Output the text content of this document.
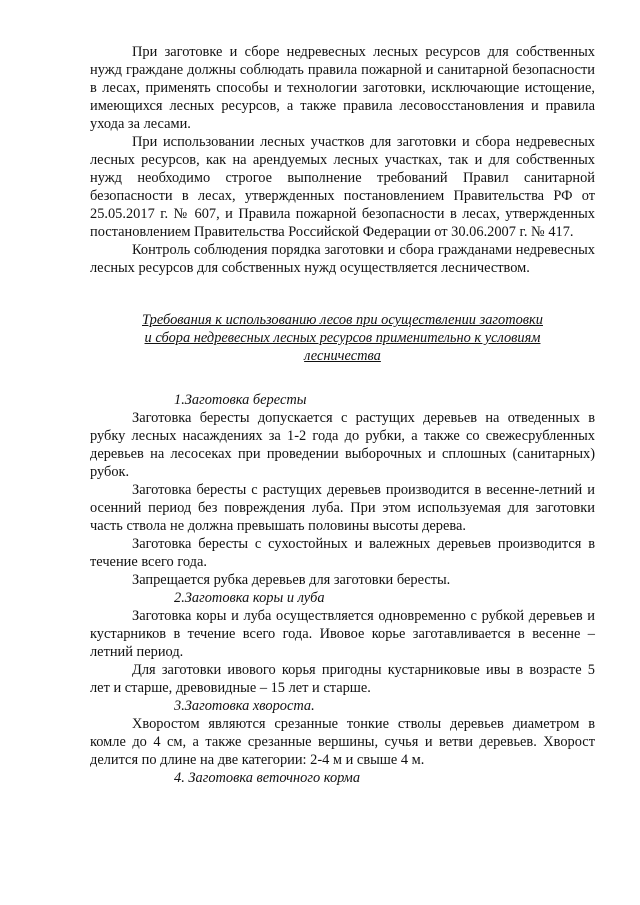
При заготовке и сборе недревесных лесных ресурсов для собственных нужд граждане должны соблюдать правила пожарной и санитарной безопасности в лесах, применять способы и технологии заготовки, исключающие истощение, имеющихся лесных ресурсов, а также правила лесовосстановления и правила ухода за лесами.

При использовании лесных участков для заготовки и сбора недревесных лесных ресурсов, как на арендуемых лесных участках, так и для собственных нужд необходимо строгое выполнение требований Правил санитарной безопасности в лесах, утвержденных постановлением Правительства РФ от 25.05.2017 г. № 607, и Правила пожарной безопасности в лесах, утвержденных постановлением Правительства Российской Федерации от 30.06.2007 г. № 417.

Контроль соблюдения порядка заготовки и сбора гражданами недревесных лесных ресурсов для собственных нужд осуществляется лесничеством.

Требования к использованию лесов при осуществлении заготовки
и сбора недревесных лесных ресурсов применительно к условиям
лесничества

1.Заготовка бересты

Заготовка бересты допускается с растущих деревьев на отведенных в рубку лесных насаждениях за 1-2 года до рубки, а также со свежесрубленных деревьев на лесосеках при проведении выборочных и сплошных (санитарных) рубок.

Заготовка бересты с растущих деревьев производится в весенне-летний и осенний период без повреждения луба. При этом используемая для заготовки часть ствола не должна превышать половины высоты дерева.

Заготовка бересты с сухостойных и валежных деревьев производится в течение всего года.

Запрещается рубка деревьев для заготовки бересты.

2.Заготовка коры и луба

Заготовка коры и луба осуществляется одновременно с рубкой деревьев и кустарников в течение всего года. Ивовое корье заготавливается в весенне – летний период.

Для заготовки ивового корья пригодны кустарниковые ивы в возрасте 5 лет и старше, древовидные – 15 лет и старше.

3.Заготовка хвороста.

Хворостом являются срезанные тонкие стволы деревьев диаметром в комле до 4 см, а также срезанные вершины, сучья и ветви деревьев. Хворост делится по длине на две категории: 2-4 м и свыше 4 м.

4. Заготовка веточного корма
